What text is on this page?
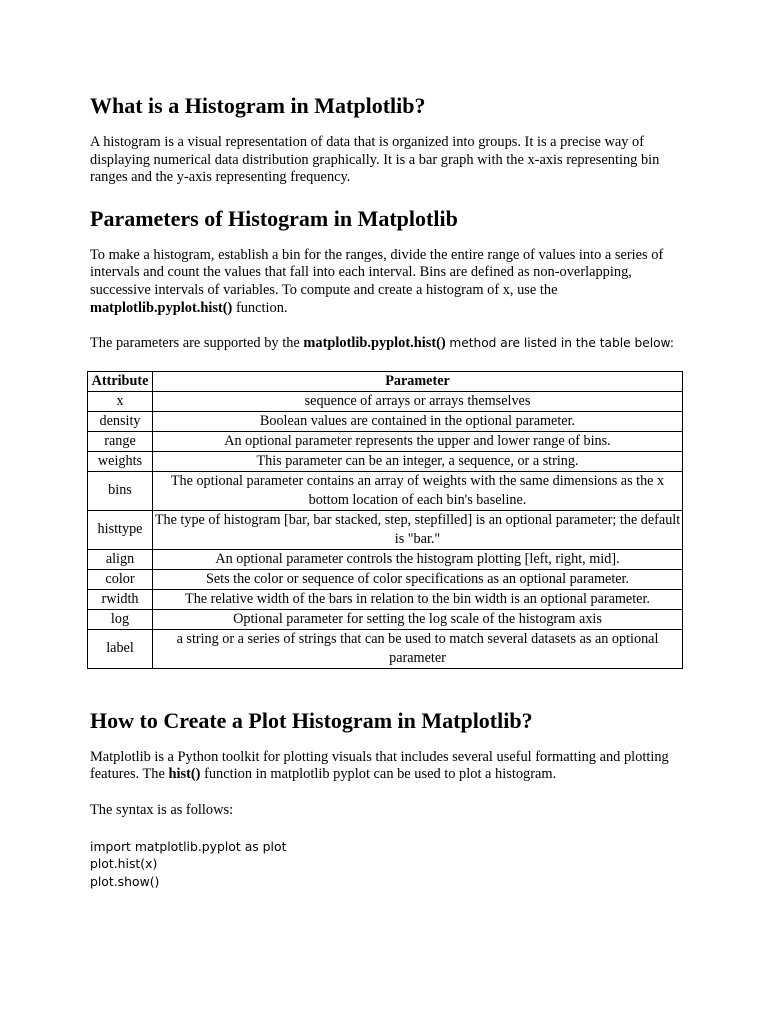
What is a Histogram in Matplotlib?

A histogram is a visual representation of data that is organized into groups. It is a precise way of displaying numerical data distribution graphically. It is a bar graph with the x-axis representing bin ranges and the y-axis representing frequency.

Parameters of Histogram in Matplotlib

To make a histogram, establish a bin for the ranges, divide the entire range of values into a series of intervals and count the values that fall into each interval. Bins are defined as non-overlapping, successive intervals of variables. To compute and create a histogram of x, use the matplotlib.pyplot.hist() function.

The parameters are supported by the matplotlib.pyplot.hist() method are listed in the table below:

Attribute	Parameter
x	sequence of arrays or arrays themselves
density	Boolean values are contained in the optional parameter.
range	An optional parameter represents the upper and lower range of bins.
weights	This parameter can be an integer, a sequence, or a string.
bins	The optional parameter contains an array of weights with the same dimensions as the x bottom location of each bin's baseline.
histtype	The type of histogram [bar, bar stacked, step, stepfilled] is an optional parameter; the default is "bar."
align	An optional parameter controls the histogram plotting [left, right, mid].
color	Sets the color or sequence of color specifications as an optional parameter.
rwidth	The relative width of the bars in relation to the bin width is an optional parameter.
log	Optional parameter for setting the log scale of the histogram axis
label	a string or a series of strings that can be used to match several datasets as an optional parameter
How to Create a Plot Histogram in Matplotlib?

Matplotlib is a Python toolkit for plotting visuals that includes several useful formatting and plotting features. The hist() function in matplotlib pyplot can be used to plot a histogram.

The syntax is as follows:

import matplotlib.pyplot as plot
plot.hist(x)
plot.show()
